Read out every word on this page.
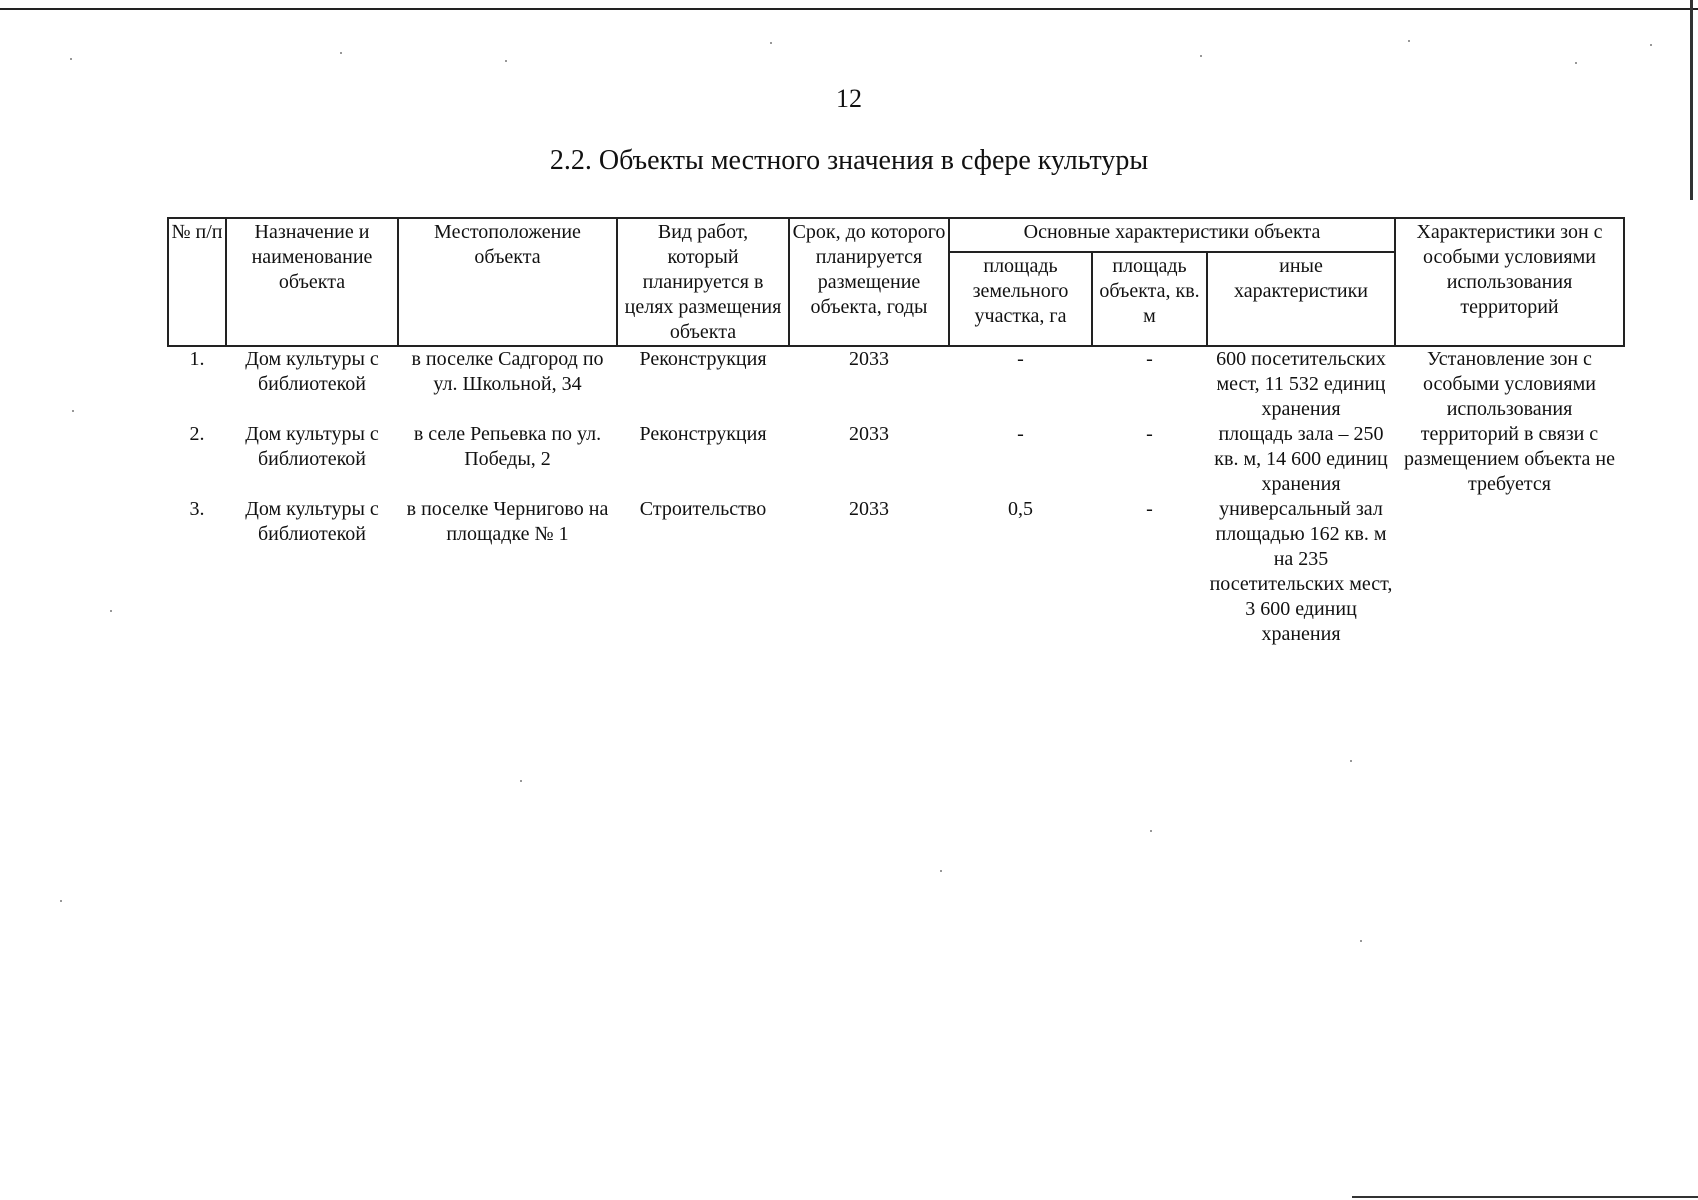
12
2.2. Объекты местного значения в сфере культуры
№ п/п	Назначение и наименование объекта	Местоположение объекта	Вид работ, который планируется в целях размещения объекта	Срок, до которого планируется размещение объекта, годы	Основные характеристики объекта			Характеристики зон с особыми условиями использования территорий
					площадь земельного участка, га	площадь объекта, кв. м	иные характеристики	
1.	Дом культуры с библиотекой	в поселке Садгород по ул. Школьной, 34	Реконструкция	2033	-	-	600 посетительских мест, 11 532 единиц хранения	Установление зон с особыми условиями использования территорий в связи с размещением объекта не требуется
2.	Дом культуры с библиотекой	в селе Репьевка по ул. Победы, 2	Реконструкция	2033	-	-	площадь зала – 250 кв. м, 14 600 единиц хранения	
3.	Дом культуры с библиотекой	в поселке Черниговo на площадке № 1	Строительство	2033	0,5	-	универсальный зал площадью 162 кв. м на 235 посетительских мест, 3 600 единиц хранения	
